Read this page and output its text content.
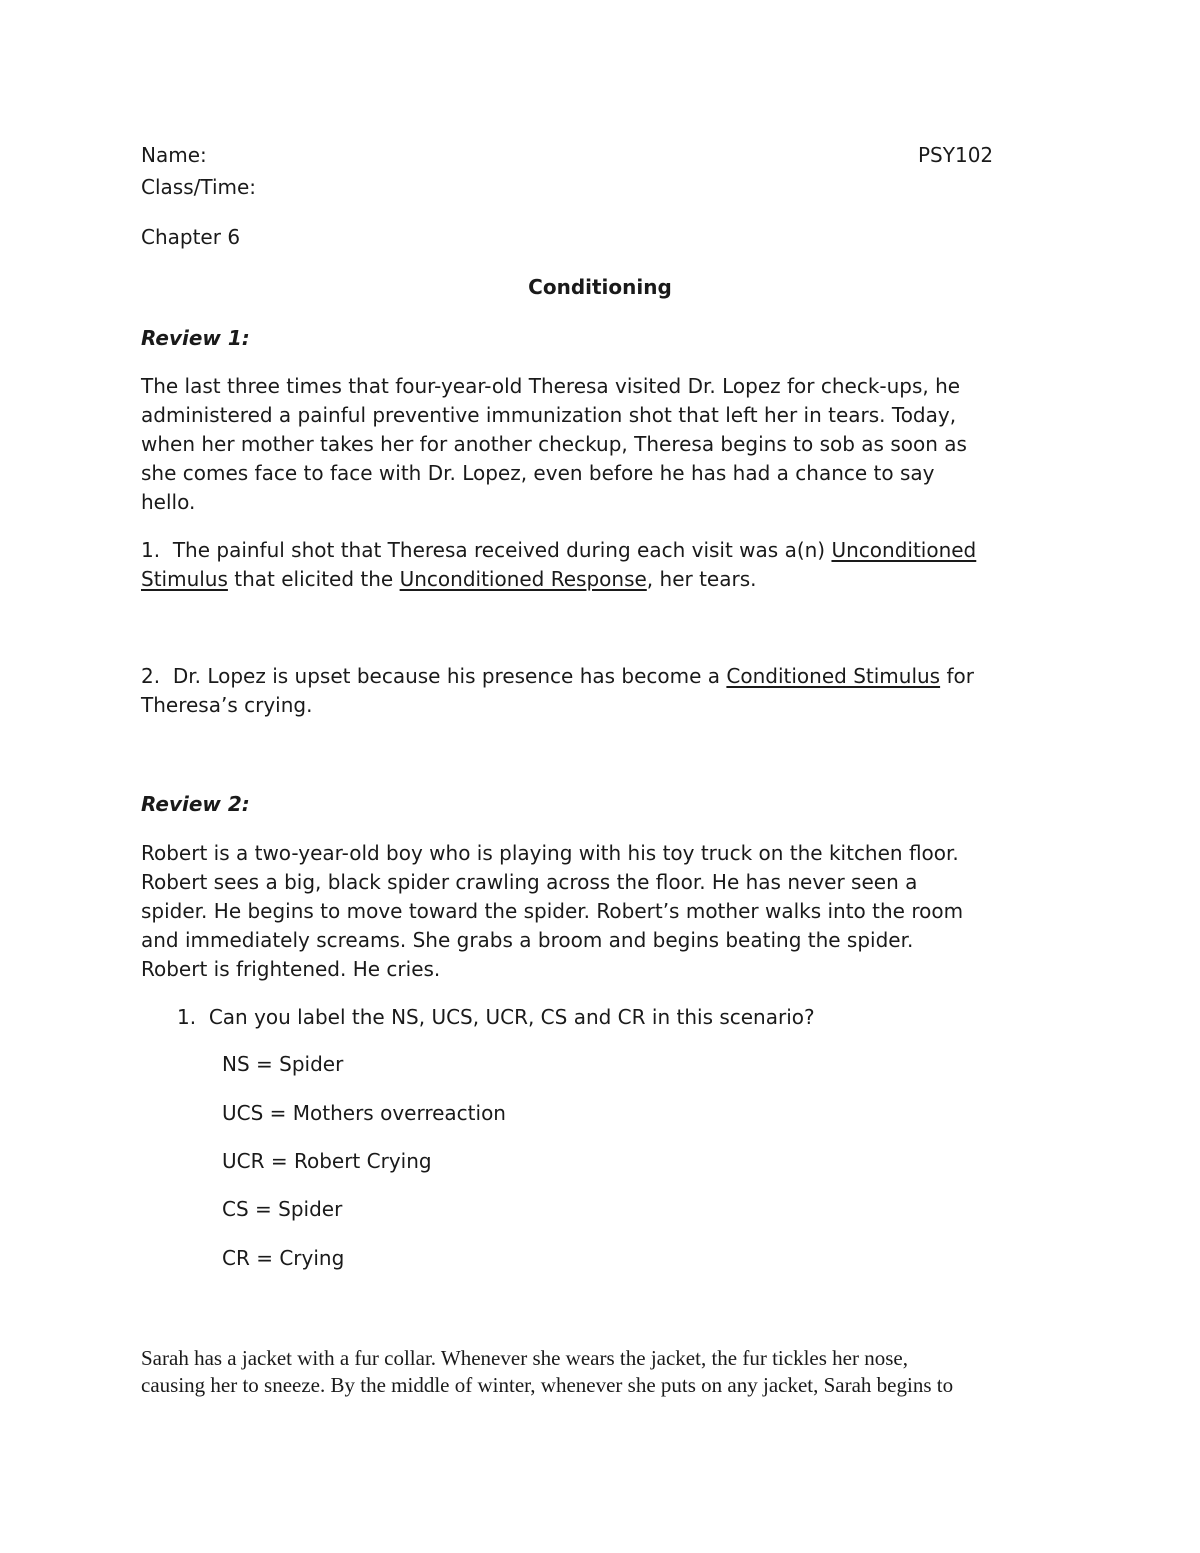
Name:	PSY102

Class/Time:

Chapter 6

Conditioning

Review 1:

The last three times that four-year-old Theresa visited Dr. Lopez for check-ups, he

administered a painful preventive immunization shot that left her in tears. Today,

when her mother takes her for another checkup, Theresa begins to sob as soon as

she comes face to face with Dr. Lopez, even before he has had a chance to say

hello.

1. The painful shot that Theresa received during each visit was a(n) Unconditioned

Stimulus that elicited the Unconditioned Response, her tears.

2. Dr. Lopez is upset because his presence has become a Conditioned Stimulus for

Theresa’s crying.

Review 2:

Robert is a two-year-old boy who is playing with his toy truck on the kitchen floor.

Robert sees a big, black spider crawling across the floor. He has never seen a

spider. He begins to move toward the spider. Robert’s mother walks into the room

and immediately screams. She grabs a broom and begins beating the spider.

Robert is frightened. He cries.

1. Can you label the NS, UCS, UCR, CS and CR in this scenario?

NS = Spider

UCS = Mothers overreaction

UCR = Robert Crying

CS = Spider

CR = Crying

Sarah has a jacket with a fur collar. Whenever she wears the jacket, the fur tickles her nose,

causing her to sneeze. By the middle of winter, whenever she puts on any jacket, Sarah begins to
